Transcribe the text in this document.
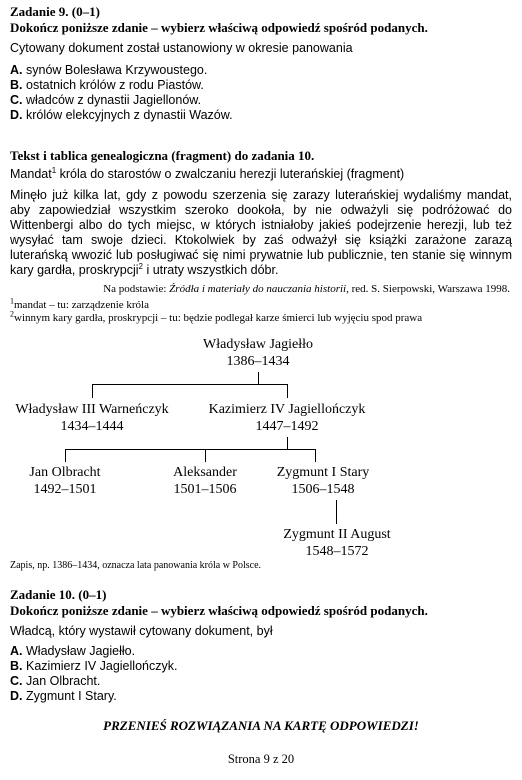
Zadanie 9. (0–1)
Dokończ poniższe zdanie – wybierz właściwą odpowiedź spośród podanych.
Cytowany dokument został ustanowiony w okresie panowania
A. synów Bolesława Krzywoustego.
B. ostatnich królów z rodu Piastów.
C. władców z dynastii Jagiellonów.
D. królów elekcyjnych z dynastii Wazów.
Tekst i tablica genealogiczna (fragment) do zadania 10.
Mandat$^1$ króla do starostów o zwalczaniu herezji luterańskiej (fragment)
Minęło już kilka lat, gdy z powodu szerzenia się zarazy luterańskiej wydaliśmy mandat, aby zapowiedział wszystkim szeroko dookoła, by nie odważyli się podróżować do Wittenbergi albo do tych miejsc, w których istniałoby jakieś podejrzenie herezji, lub też wysyłać tam swoje dzieci. Ktokolwiek by zaś odważył się książki zarażone zarazą luterańską wwozić lub posługiwać się nimi prywatnie lub publicznie, ten stanie się winnym kary gardła, proskrypcji$^2$ i utraty wszystkich dóbr.
Na podstawie: Źródła i materiały do nauczania historii, red. S. Sierpowski, Warszawa 1998.
$^1$mandat – tu: zarządzenie króla
$^2$winnym kary gardła, proskrypcji – tu: będzie podlegał karze śmierci lub wyjęciu spod prawa
Władysław Jagiełło
1386–1434
Władysław III Warneńczyk
1434–1444
Kazimierz IV Jagiellończyk
1447–1492
Jan Olbracht
1492–1501
Aleksander
1501–1506
Zygmunt I Stary
1506–1548
Zygmunt II August
1548–1572
Zapis, np. 1386–1434, oznacza lata panowania króla w Polsce.
Zadanie 10. (0–1)
Dokończ poniższe zdanie – wybierz właściwą odpowiedź spośród podanych.
Władcą, który wystawił cytowany dokument, był
A. Władysław Jagiełło.
B. Kazimierz IV Jagiellończyk.
C. Jan Olbracht.
D. Zygmunt I Stary.
PRZENIEŚ ROZWIĄZANIA NA KARTĘ ODPOWIEDZI!
Strona 9 z 20
